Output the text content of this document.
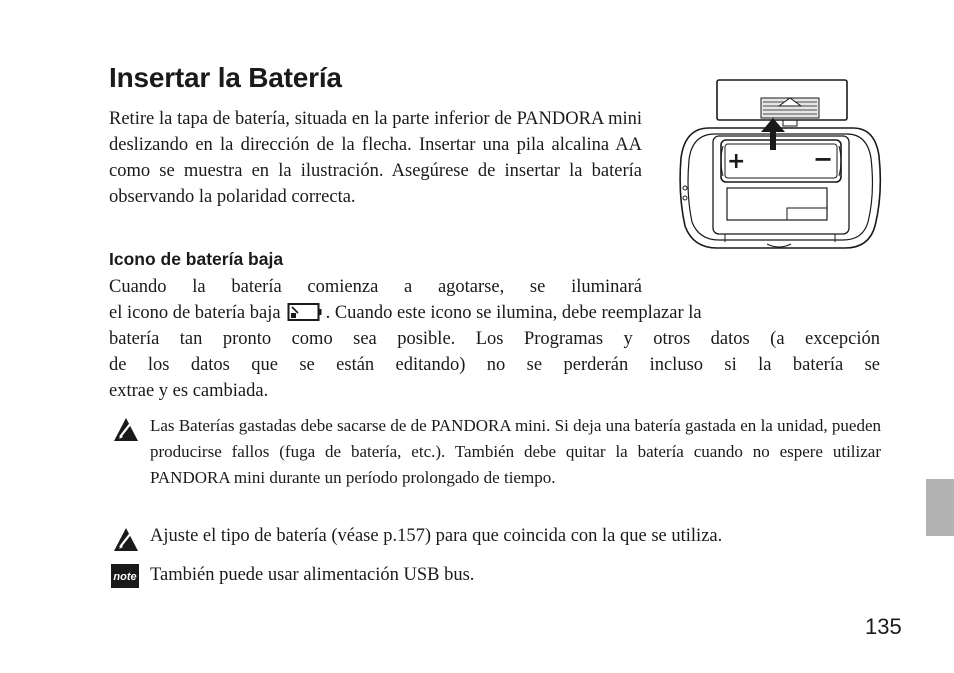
Insertar la Batería

Retire la tapa de batería, situada en la parte inferior de PANDORA mini deslizando en la dirección de la flecha. Insertar una pila alcalina AA como se muestra en la ilustración. Asegúrese de insertar la batería observando la polaridad correcta.

+	−
Icono de batería baja
Cuando la batería comienza a agotarse, se iluminará
el icono de batería baja . Cuando este icono se ilumina, debe reemplazar la
batería tan pronto como sea posible. Los Programas y otros datos (a excepción
de los datos que se están editando) no se perderán incluso si la batería se
extrae y es cambiada.

Las Baterías gastadas debe sacarse de de PANDORA mini. Si deja una batería gastada en la unidad, pueden producirse fallos (fuga de batería, etc.). También debe quitar la batería cuando no espere utilizar PANDORA mini durante un período prolongado de tiempo.

Ajuste el tipo de batería (véase p.157) para que coincida con la que se utiliza.

note También puede usar alimentación USB bus.

135
